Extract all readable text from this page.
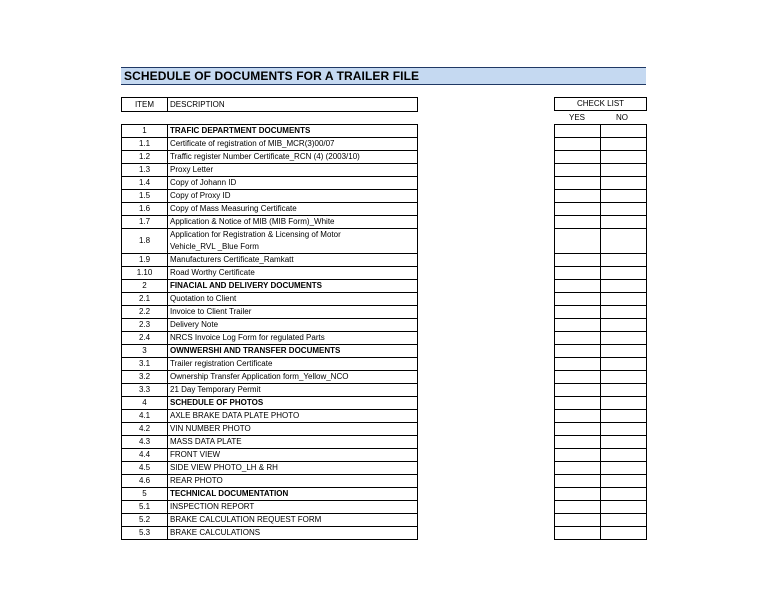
SCHEDULE OF DOCUMENTS FOR A TRAILER FILE
ITEM	DESCRIPTION	CHECK LIST
YES	NO
1	TRAFIC DEPARTMENT DOCUMENTS
1.1	Certificate of registration of MIB_MCR(3)00/07
1.2	Traffic register Number Certificate_RCN (4) (2003/10)
1.3	Proxy Letter
1.4	Copy of Johann ID
1.5	Copy of Proxy ID
1.6	Copy of Mass Measuring Certificate
1.7	Application & Notice of MIB (MIB Form)_White
1.8	Application for Registration & Licensing of Motor
Vehicle_RVL _Blue Form

1.9	Manufacturers Certificate_Ramkatt
1.10	Road Worthy Certificate
2	FINACIAL AND DELIVERY DOCUMENTS
2.1	Quotation to Client
2.2	Invoice to Client Trailer
2.3	Delivery Note
2.4	NRCS Invoice Log Form for regulated Parts
3	OWNWERSHI AND TRANSFER DOCUMENTS
3.1	Trailer registration Certificate
3.2	Ownership Transfer Application form_Yellow_NCO
3.3	21 Day Temporary Permit
4	SCHEDULE OF PHOTOS
4.1	AXLE BRAKE DATA PLATE PHOTO
4.2	VIN NUMBER PHOTO
4.3	MASS DATA PLATE
4.4	FRONT VIEW
4.5	SIDE VIEW PHOTO_LH & RH
4.6	REAR PHOTO
5	TECHNICAL DOCUMENTATION
5.1	INSPECTION REPORT
5.2	BRAKE CALCULATION REQUEST FORM
5.3	BRAKE CALCULATIONS
